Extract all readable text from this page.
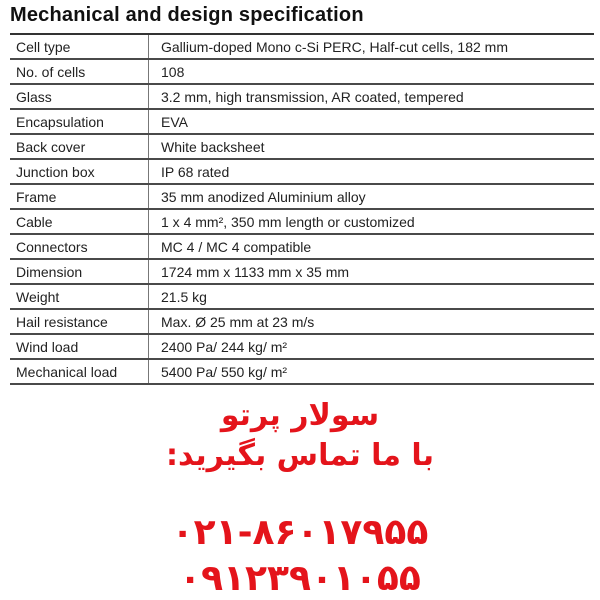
Mechanical and design specification
Cell type	Gallium-doped Mono c-Si PERC, Half-cut cells, 182 mm
No. of cells	108
Glass	3.2 mm, high transmission, AR coated, tempered
Encapsulation	EVA
Back cover	White backsheet
Junction box	IP 68 rated
Frame	35 mm anodized Aluminium alloy
Cable	1 x 4 mm², 350 mm length or customized
Connectors	MC 4 / MC 4 compatible
Dimension	1724 mm x 1133 mm x 35 mm
Weight	21.5 kg
Hail resistance	Max. Ø 25 mm at 23 m/s
Wind load	2400 Pa/ 244 kg/ m²
Mechanical load	5400 Pa/ 550 kg/ m²
سولار پرتو
با ما تماس بگیرید:
۰۲۱-۸۶۰۱۷۹۵۵
۰۹۱۲۳۹۰۱۰۵۵
